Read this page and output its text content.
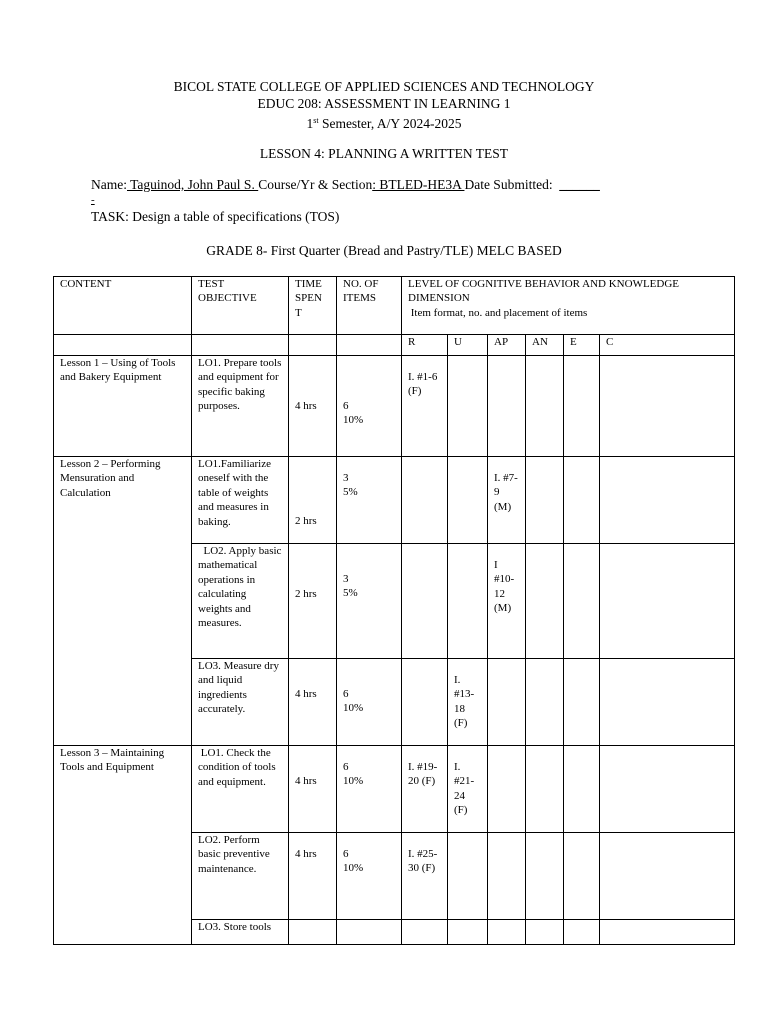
BICOL STATE COLLEGE OF APPLIED SCIENCES AND TECHNOLOGY
EDUC 208: ASSESSMENT IN LEARNING 1
1st Semester, A/Y 2024-2025
LESSON 4: PLANNING A WRITTEN TEST
Name: Taguinod, John Paul S. Course/Yr & Section: BTLED-HE3A Date Submitted: ______
-
TASK: Design a table of specifications (TOS)
GRADE 8- First Quarter (Bread and Pastry/TLE) MELC BASED
CONTENT	TEST OBJECTIVE	TIME SPEN T	NO. OF ITEMS	LEVEL OF COGNITIVE BEHAVIOR AND KNOWLEDGE DIMENSION
Item format, no. and placement of items					

				R	U	AP	AN	E	C
Lesson 1 – Using of Tools and Bakery Equipment	LO1. Prepare tools and equipment for specific baking purposes.	4 hrs	6
10%	I. #1-6 (F)					

Lesson 2 – Performing Mensuration and Calculation	LO1.Familiarize oneself with the table of weights and measures in baking.	2 hrs	3
5%			I. #7-9 (M)			

	LO2. Apply basic mathematical operations in calculating weights and measures.	2 hrs	3
5%			I #10-12 (M)			

	LO3. Measure dry and liquid ingredients accurately.	4 hrs	6
10%		I. #13-18 (F)				

Lesson 3 – Maintaining Tools and Equipment	LO1. Check the condition of tools and equipment.	4 hrs	6
10%	I. #19-20 (F)	I. #21-24 (F)				

	LO2. Perform basic preventive maintenance.	4 hrs	6
10%	I. #25-30 (F)					

	LO3. Store tools								
